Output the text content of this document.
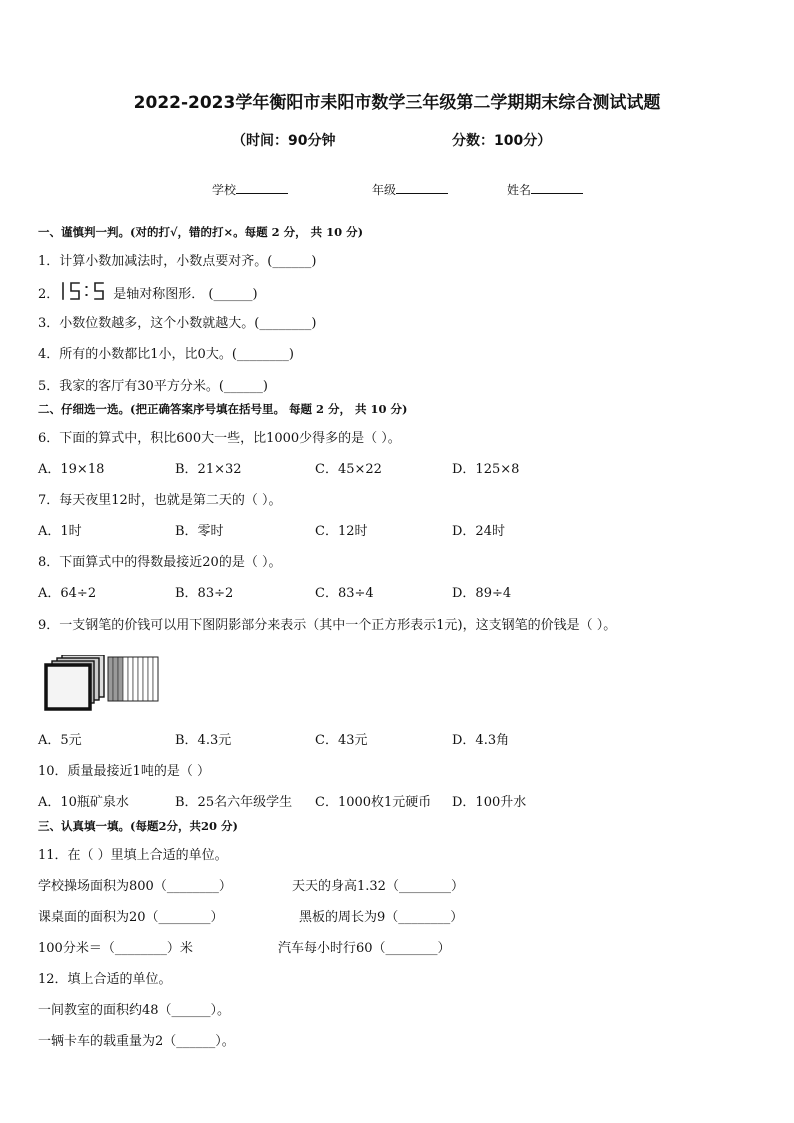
2022-2023学年衡阳市耒阳市数学三年级第二学期期末综合测试试题
（时间：90分钟	分数：100分）
学校	年级	姓名
一、谨慎判一判。(对的打√，错的打×。每题 2 分， 共 10 分)
1．计算小数加减法时，小数点要对齐。(______)
2．	是轴对称图形． (______)
3．小数位数越多，这个小数就越大。(________)
4．所有的小数都比1小，比0大。(________)
5．我家的客厅有30平方分米。(______)
二、仔细选一选。(把正确答案序号填在括号里。 每题 2 分， 共 10 分)
6．下面的算式中，积比600大一些，比1000少得多的是（ ）。
A．19×18	B．21×32	C．45×22	D．125×8
7．每天夜里12时，也就是第二天的（ ）。
A．1时	B．零时	C．12时	D．24时
8．下面算式中的得数最接近20的是（ ）。
A．64÷2	B．83÷2	C．83÷4	D．89÷4
9．一支钢笔的价钱可以用下图阴影部分来表示（其中一个正方形表示1元)，这支钢笔的价钱是（ ）。
A．5元	B．4.3元	C．43元	D．4.3角
10．质量最接近1吨的是（ ）
A．10瓶矿泉水	B．25名六年级学生 C．1000枚1元硬币 D．100升水
三、认真填一填。(每题2分，共20 分)
11．在（ ）里填上合适的单位。
学校操场面积为800（________）	天天的身高1.32（________）
课桌面的面积为20（________）	黑板的周长为9（________）
100分米＝（________）米	汽车每小时行60（________）
12．填上合适的单位。
一间教室的面积约48（______）。
一辆卡车的载重量为2（______）。
